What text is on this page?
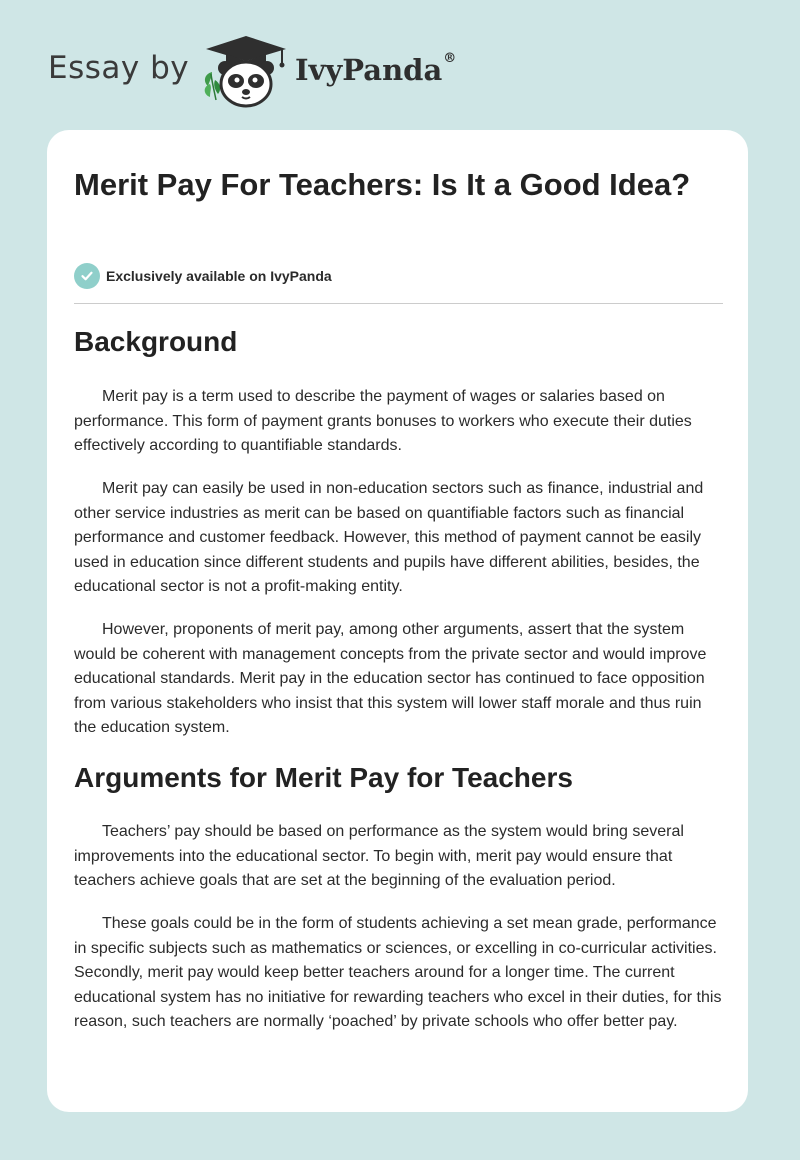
Essay by	IvyPanda®
Merit Pay For Teachers: Is It a Good Idea?
Exclusively available on IvyPanda
Background

Merit pay is a term used to describe the payment of wages or salaries based on performance. This form of payment grants bonuses to workers who execute their duties effectively according to quantifiable standards.

Merit pay can easily be used in non-education sectors such as finance, industrial and other service industries as merit can be based on quantifiable factors such as financial performance and customer feedback. However, this method of payment cannot be easily used in education since different students and pupils have different abilities, besides, the educational sector is not a profit-making entity.

However, proponents of merit pay, among other arguments, assert that the system would be coherent with management concepts from the private sector and would improve educational standards. Merit pay in the education sector has continued to face opposition from various stakeholders who insist that this system will lower staff morale and thus ruin the education system.

Arguments for Merit Pay for Teachers

Teachers’ pay should be based on performance as the system would bring several improvements into the educational sector. To begin with, merit pay would ensure that teachers achieve goals that are set at the beginning of the evaluation period.

These goals could be in the form of students achieving a set mean grade, performance in specific subjects such as mathematics or sciences, or excelling in co-curricular activities. Secondly, merit pay would keep better teachers around for a longer time. The current educational system has no initiative for rewarding teachers who excel in their duties, for this reason, such teachers are normally ‘poached’ by private schools who offer better pay.
